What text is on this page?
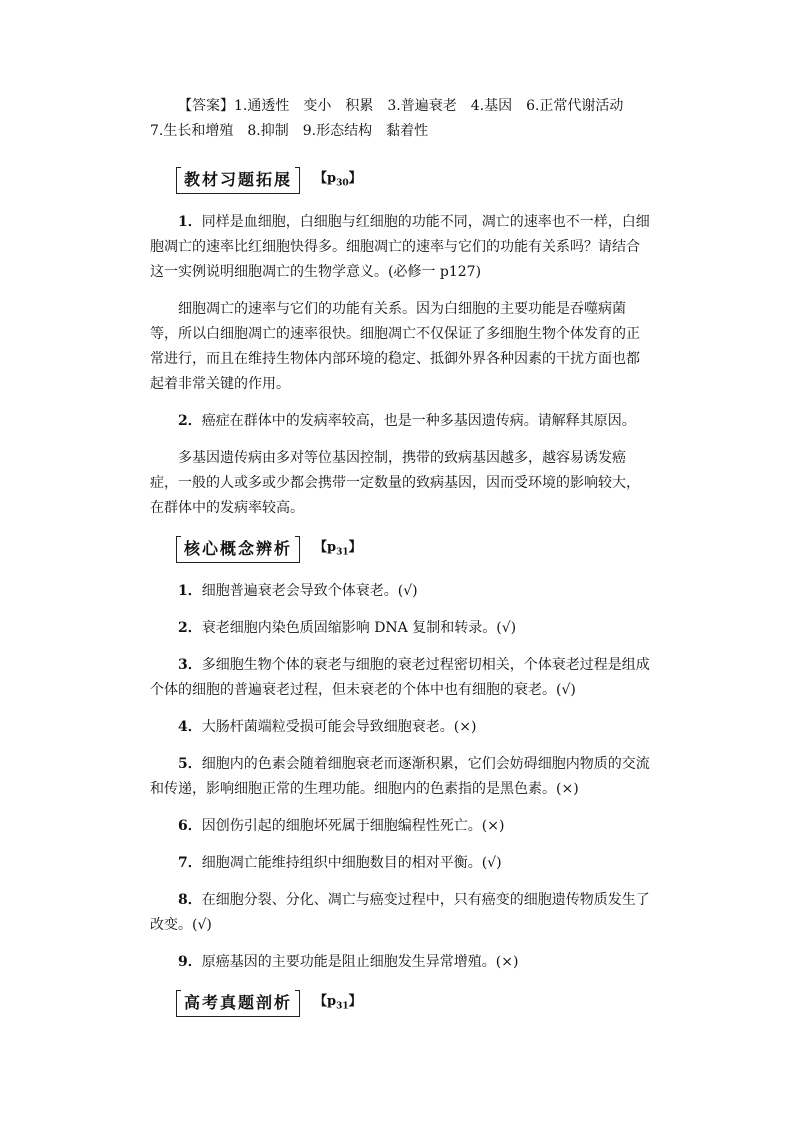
【答案】1.通透性　变小　积累　3.普遍衰老　4.基因　6.正常代谢活动　7.生长和增殖　8.抑制　9.形态结构　黏着性

教材习题拓展	【$p_{30}$】

1．同样是血细胞，白细胞与红细胞的功能不同，凋亡的速率也不一样，白细胞凋亡的速率比红细胞快得多。细胞凋亡的速率与它们的功能有关系吗？请结合这一实例说明细胞凋亡的生物学意义。(必修一 p127)

细胞凋亡的速率与它们的功能有关系。因为白细胞的主要功能是吞噬病菌等，所以白细胞凋亡的速率很快。细胞凋亡不仅保证了多细胞生物个体发育的正常进行，而且在维持生物体内部环境的稳定、抵御外界各种因素的干扰方面也都起着非常关键的作用。

2．癌症在群体中的发病率较高，也是一种多基因遗传病。请解释其原因。

多基因遗传病由多对等位基因控制，携带的致病基因越多，越容易诱发癌症，一般的人或多或少都会携带一定数量的致病基因，因而受环境的影响较大，在群体中的发病率较高。

核心概念辨析	【$p_{31}$】

1．细胞普遍衰老会导致个体衰老。(√)

2．衰老细胞内染色质固缩影响 DNA 复制和转录。(√)

3．多细胞生物个体的衰老与细胞的衰老过程密切相关，个体衰老过程是组成个体的细胞的普遍衰老过程，但未衰老的个体中也有细胞的衰老。(√)

4．大肠杆菌端粒受损可能会导致细胞衰老。(×)

5．细胞内的色素会随着细胞衰老而逐渐积累，它们会妨碍细胞内物质的交流和传递，影响细胞正常的生理功能。细胞内的色素指的是黑色素。(×)

6．因创伤引起的细胞坏死属于细胞编程性死亡。(×)

7．细胞凋亡能维持组织中细胞数目的相对平衡。(√)

8．在细胞分裂、分化、凋亡与癌变过程中，只有癌变的细胞遗传物质发生了改变。(√)

9．原癌基因的主要功能是阻止细胞发生异常增殖。(×)

高考真题剖析	【$p_{31}$】
